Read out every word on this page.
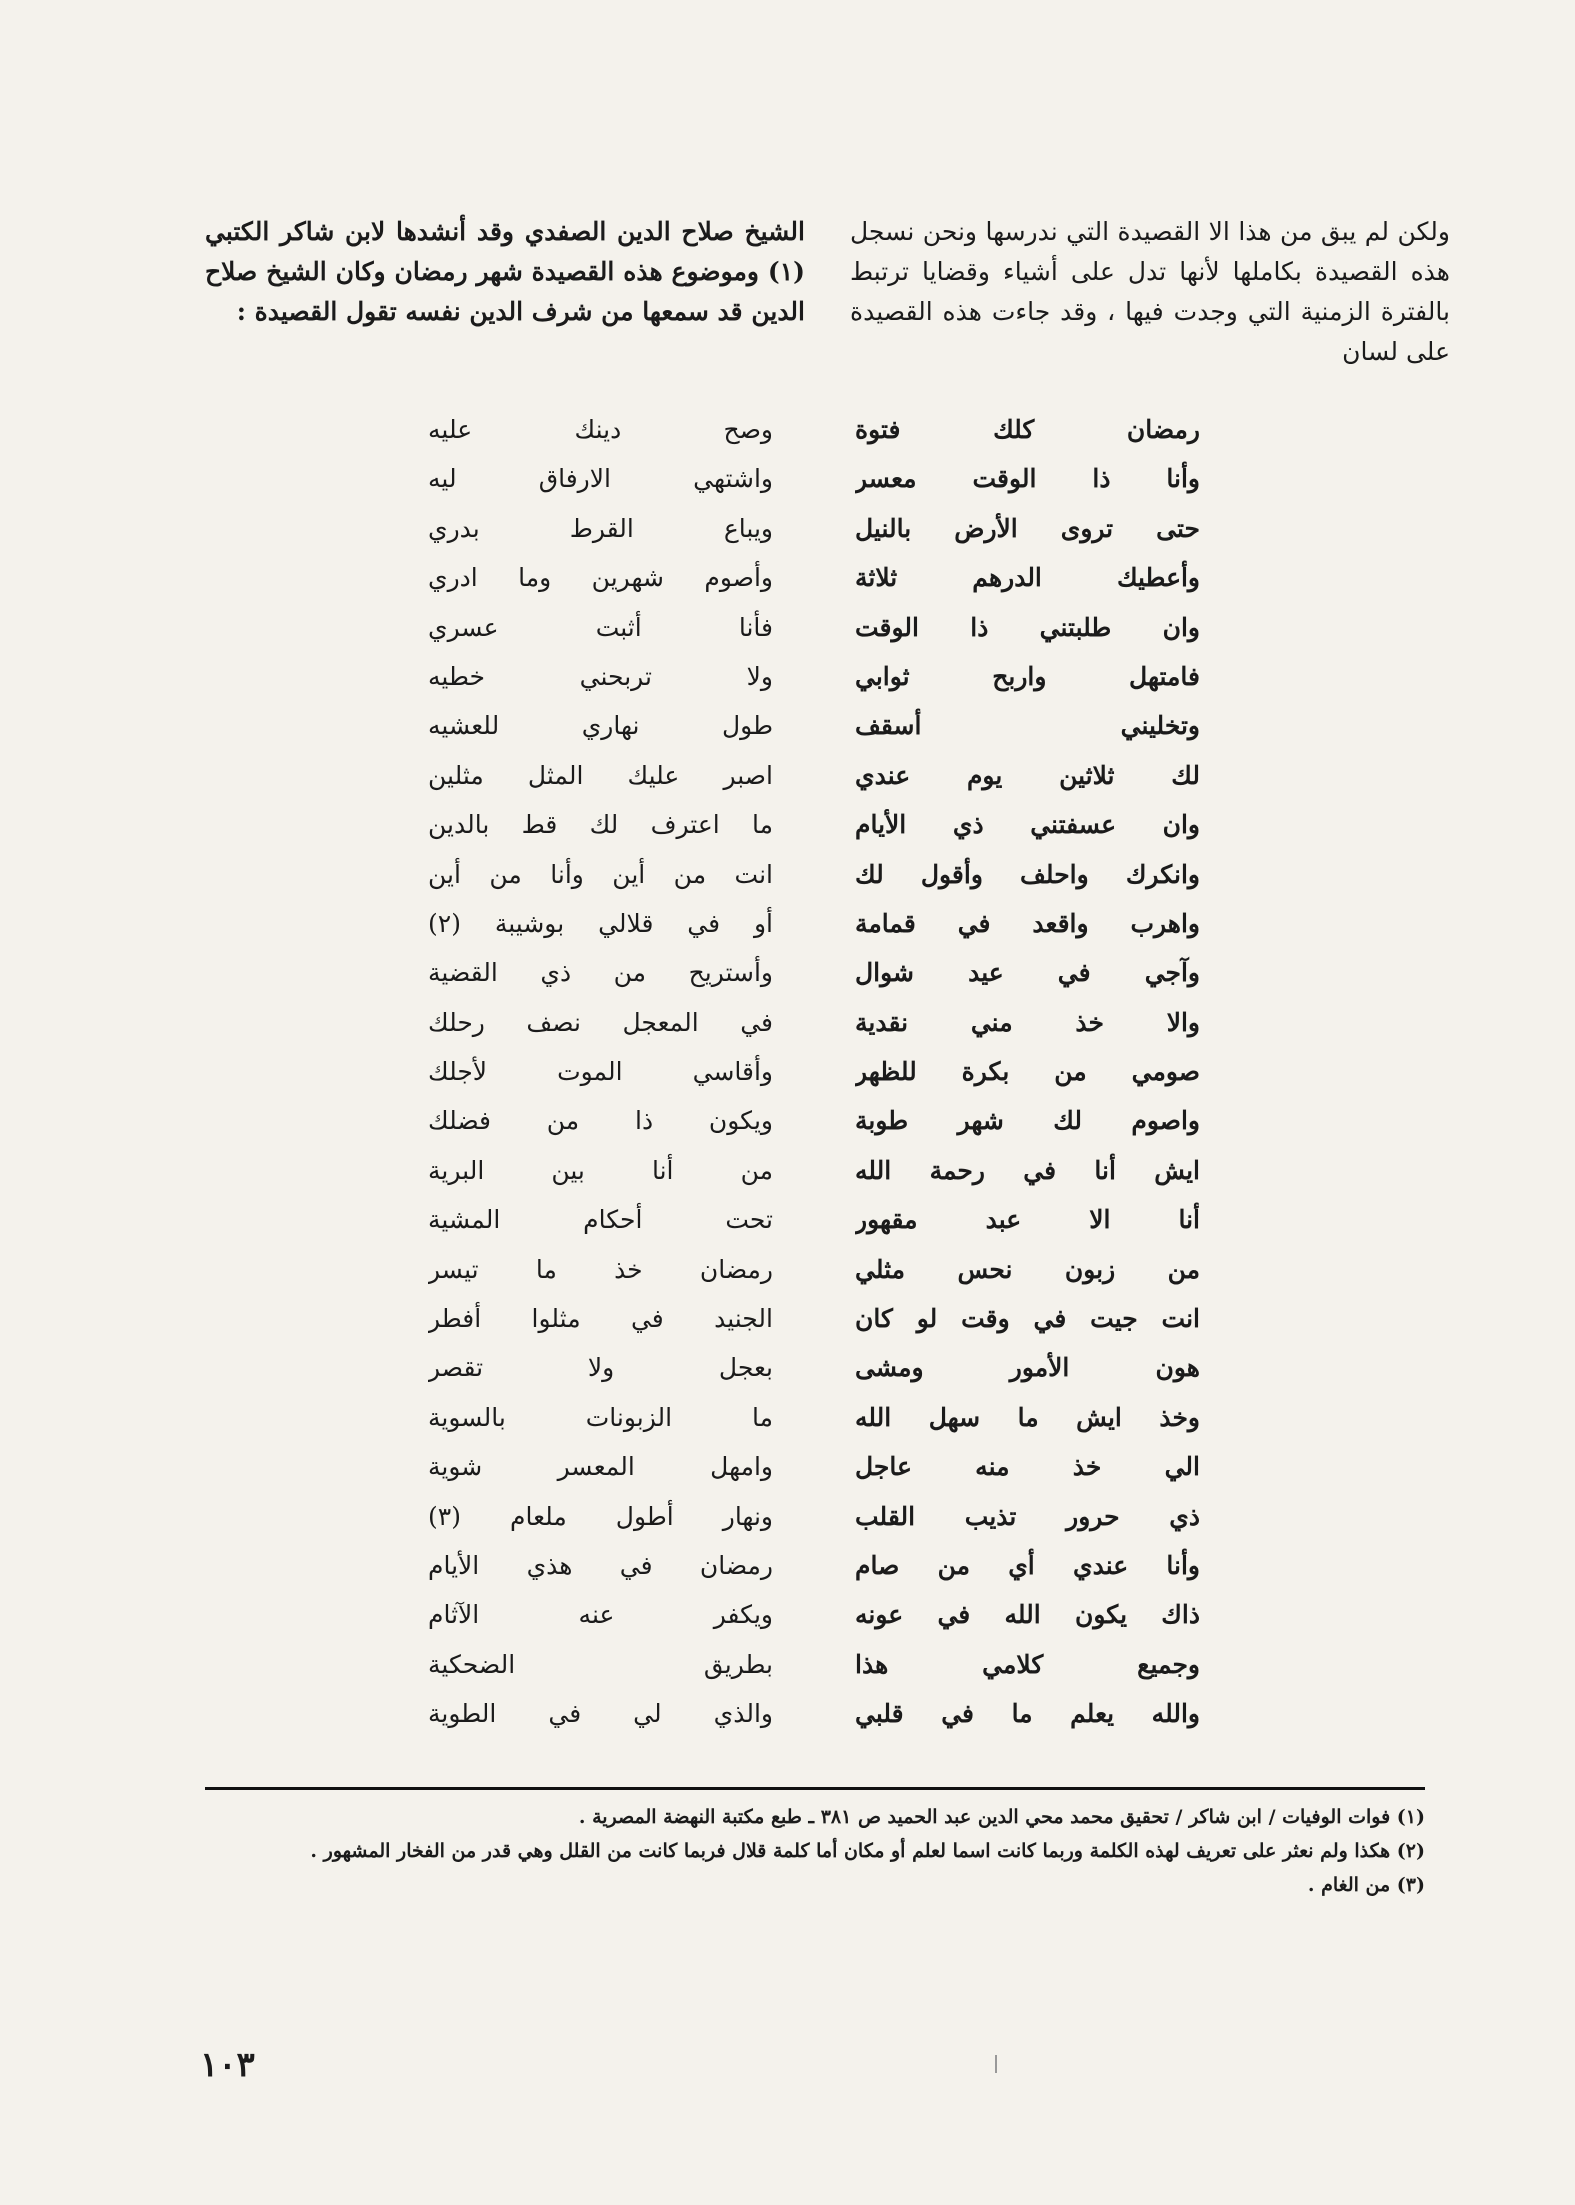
ولكن لم يبق من هذا الا القصيدة التي ندرسها ونحن نسجل هذه القصيدة بكاملها لأنها تدل على أشياء وقضايا ترتبط بالفترة الزمنية التي وجدت فيها ، وقد جاءت هذه القصيدة على لسان

الشيخ صلاح الدين الصفدي وقد أنشدها لابن شاكر الكتبي (١) وموضوع هذه القصيدة شهر رمضان وكان الشيخ صلاح الدين قد سمعها من شرف الدين نفسه تقول القصيدة :

رمضان كلك فتوة
وأنا ذا الوقت معسر
حتى تروى الأرض بالنيل
وأعطيك الدرهم ثلاثة
وان طلبتني ذا الوقت
فامتهل واربح ثوابي
وتخليني أسقف
لك ثلاثين يوم عندي
وان عسفتني ذي الأيام
وانكرك واحلف وأقول لك
واهرب واقعد في قمامة
وآجي في عيد شوال
والا خذ مني نقدية
صومي من بكرة للظهر
واصوم لك شهر طوبة
ايش أنا في رحمة الله
أنا الا عبد مقهور
من زبون نحس مثلي
انت جيت في وقت لو كان
هون الأمور ومشى
وخذ ايش ما سهل الله
الي خذ منه عاجل
ذي حرور تذيب القلب
وأنا عندي أي من صام
ذاك يكون الله في عونه
وجميع كلامي هذا
والله يعلم ما في قلبي
وصح دينك عليه
واشتهي الارفاق ليه
ويباع القرط بدري
وأصوم شهرين وما ادري
فأنا أثبت عسري
ولا تربحني خطيه
طول نهاري للعشيه
اصبر عليك المثل مثلين
ما اعترف لك قط بالدين
انت من أين وأنا من أين
أو في قلالي بوشيبة (٢)
وأستريح من ذي القضية
في المعجل نصف رحلك
وأقاسي الموت لأجلك
ويكون ذا من فضلك
من أنا بين البرية
تحت أحكام المشية
رمضان خذ ما تيسر
الجنيد في مثلوا أفطر
بعجل ولا تقصر
ما الزبونات بالسوية
وامهل المعسر شوية
ونهار أطول ملعام (٣)
رمضان في هذي الأيام
ويكفر عنه الآثام
بطريق الضحكية
والذي لي في الطوية
١٠٣
(١) فوات الوفيات / ابن شاكر / تحقيق محمد محي الدين عبد الحميد ص ٣٨١ ـ طبع مكتبة النهضة المصرية .
(٢) هكذا ولم نعثر على تعريف لهذه الكلمة وربما كانت اسما لعلم أو مكان أما كلمة قلال فربما كانت من القلل وهي قدر من الفخار المشهور .
(٣) من الغام .
